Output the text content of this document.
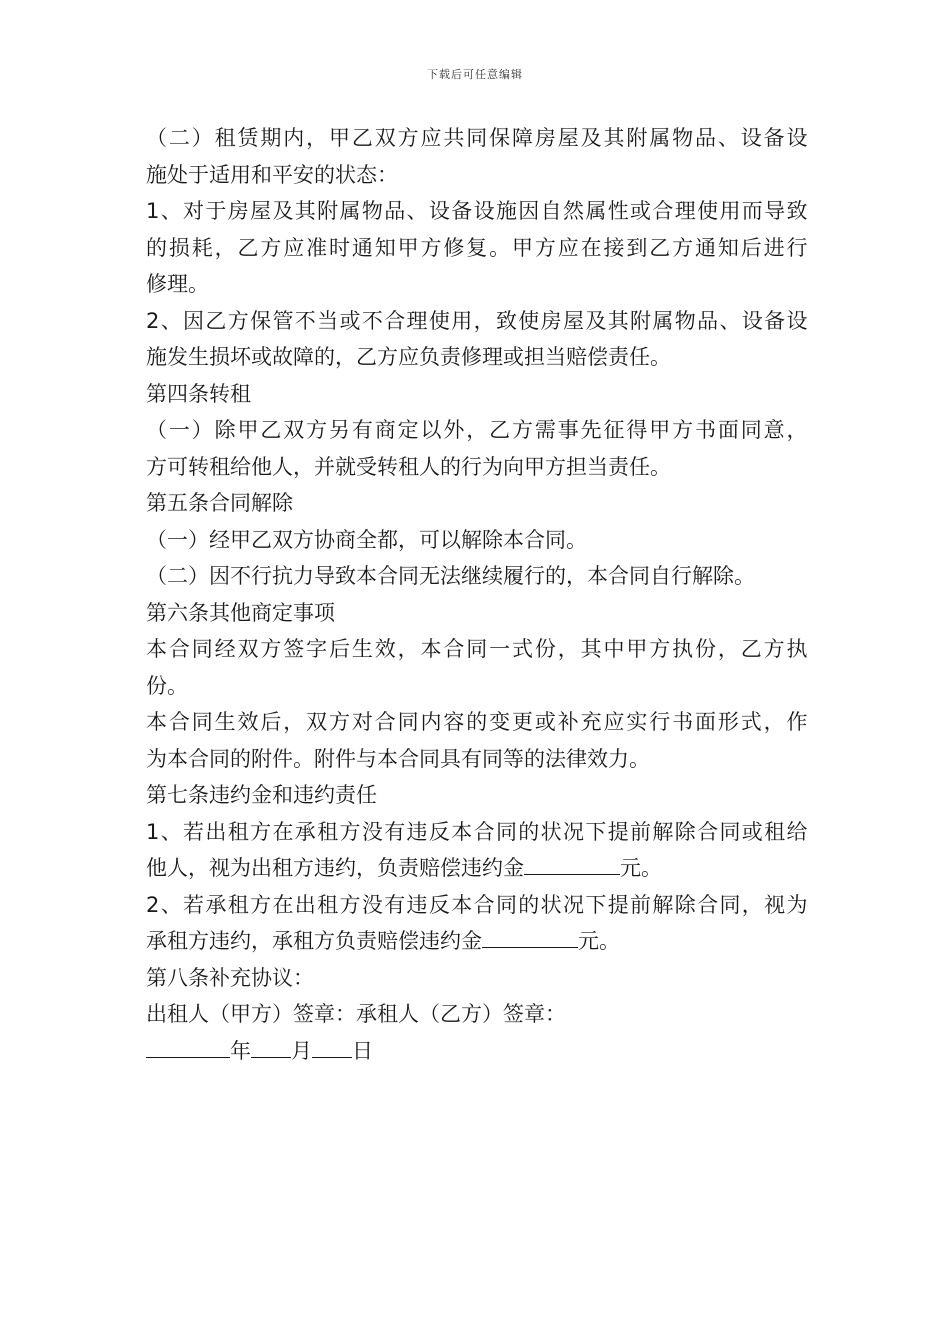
下载后可任意编辑
（二）租赁期内，甲乙双方应共同保障房屋及其附属物品、设备设
施处于适用和平安的状态：
1、对于房屋及其附属物品、设备设施因自然属性或合理使用而导致
的损耗，乙方应准时通知甲方修复。甲方应在接到乙方通知后进行
修理。
2、因乙方保管不当或不合理使用，致使房屋及其附属物品、设备设
施发生损坏或故障的，乙方应负责修理或担当赔偿责任。
第四条转租
（一）除甲乙双方另有商定以外，乙方需事先征得甲方书面同意，
方可转租给他人，并就受转租人的行为向甲方担当责任。
第五条合同解除
（一）经甲乙双方协商全都，可以解除本合同。
（二）因不行抗力导致本合同无法继续履行的，本合同自行解除。
第六条其他商定事项
本合同经双方签字后生效，本合同一式份，其中甲方执份，乙方执
份。
本合同生效后，双方对合同内容的变更或补充应实行书面形式，作
为本合同的附件。附件与本合同具有同等的法律效力。
第七条违约金和违约责任
1、若出租方在承租方没有违反本合同的状况下提前解除合同或租给
他人，视为出租方违约，负责赔偿违约金	元。
2、若承租方在出租方没有违反本合同的状况下提前解除合同，视为
承租方违约，承租方负责赔偿违约金	元。
第八条补充协议：
出租人（甲方）签章：承租人（乙方）签章：
年 月 日
